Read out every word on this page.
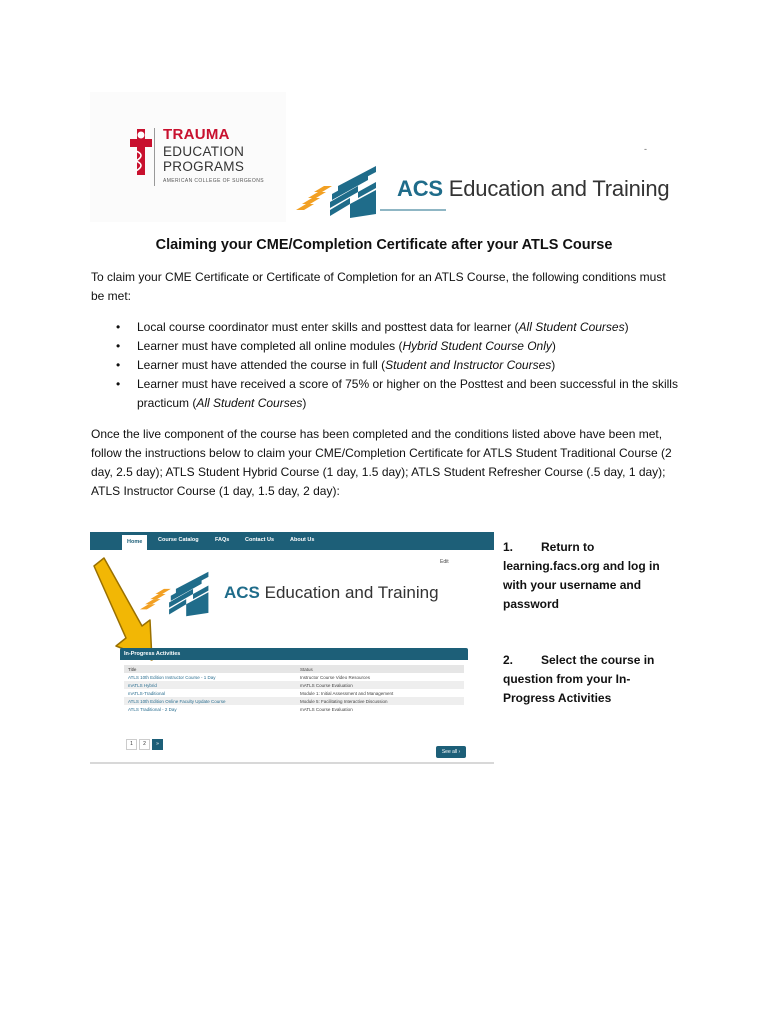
TRAUMA
EDUCATION
PROGRAMS
AMERICAN COLLEGE OF SURGEONS
-
ACS Education and Training
Claiming your CME/Completion Certificate after your ATLS Course
To claim your CME Certificate or Certificate of Completion for an ATLS Course, the following conditions must be met:
• Local course coordinator must enter skills and posttest data for learner (All Student Courses)
• Learner must have completed all online modules (Hybrid Student Course Only)
• Learner must have attended the course in full (Student and Instructor Courses)
• Learner must have received a score of 75% or higher on the Posttest and been successful in the skills practicum (All Student Courses)
Once the live component of the course has been completed and the conditions listed above have been met, follow the instructions below to claim your CME/Completion Certificate for ATLS Student Traditional Course (2 day, 2.5 day); ATLS Student Hybrid Course (1 day, 1.5 day); ATLS Student Refresher Course (.5 day, 1 day); ATLS Instructor Course (1 day, 1.5 day, 2 day):
Home	Course Catalog	FAQs	Contact Us	About Us
Edit
ACS Education and Training
In-Progress Activities
Title	Status
ATLS 10th Edition Instructor Course - 1 Day	Instructor Course Video Resources
mATLS Hybrid	mATLS Course Evaluation
mATLS-Traditional	Module 1: Initial Assessment and Management
ATLS 10th Edition Online Faculty Update Course	Module 5: Facilitating Interactive Discussion
ATLS Traditional - 2 Day	mATLS Course Evaluation
1 2 »
See all ›
1. Return to learning.facs.org and log in with your username and password
2. Select the course in question from your In-Progress Activities
